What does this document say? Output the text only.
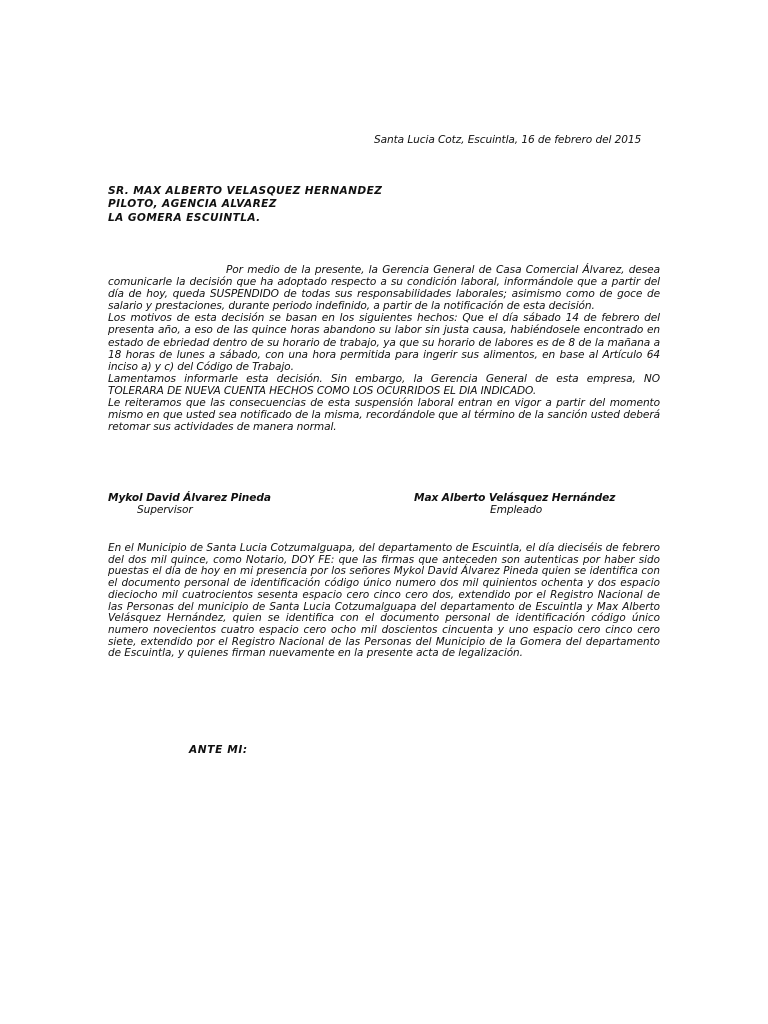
Santa Lucia Cotz, Escuintla, 16 de febrero del 2015
SR. MAX ALBERTO VELASQUEZ HERNANDEZ
PILOTO, AGENCIA ALVAREZ
LA GOMERA ESCUINTLA.

Por medio de la presente, la Gerencia General de Casa Comercial Álvarez, desea comunicarle la decisión que ha adoptado respecto a su condición laboral, informándole que a partir del día de hoy, queda SUSPENDIDO de todas sus responsabilidades laborales; asimismo como de goce de salario y prestaciones, durante periodo indefinido, a partir de la notificación de esta decisión.

Los motivos de esta decisión se basan en los siguientes hechos: Que el día sábado 14 de febrero del presenta año, a eso de las quince horas abandono su labor sin justa causa, habiéndosele encontrado en estado de ebriedad dentro de su horario de trabajo, ya que su horario de labores es de 8 de la mañana a 18 horas de lunes a sábado, con una hora permitida para ingerir sus alimentos, en base al Artículo 64 inciso a) y c) del Código de Trabajo.

Lamentamos informarle esta decisión. Sin embargo, la Gerencia General de esta empresa, NO TOLERARA DE NUEVA CUENTA HECHOS COMO LOS OCURRIDOS EL DIA INDICADO.

Le reiteramos que las consecuencias de esta suspensión laboral entran en vigor a partir del momento mismo en que usted sea notificado de la misma, recordándole que al término de la sanción usted deberá retomar sus actividades de manera normal.

Mykol David Álvarez Pineda
Supervisor
Max Alberto Velásquez Hernández
Empleado

En el Municipio de Santa Lucia Cotzumalguapa, del departamento de Escuintla, el día dieciséis de febrero del dos mil quince, como Notario, DOY FE: que las firmas que anteceden son autenticas por haber sido puestas el día de hoy en mi presencia por los señores Mykol David Álvarez Pineda quien se identifica con el documento personal de identificación código único numero dos mil quinientos ochenta y dos espacio dieciocho mil cuatrocientos sesenta espacio cero cinco cero dos, extendido por el Registro Nacional de las Personas del municipio de Santa Lucia Cotzumalguapa del departamento de Escuintla y Max Alberto Velásquez Hernández, quien se identifica con el documento personal de identificación código único numero novecientos cuatro espacio cero ocho mil doscientos cincuenta y uno espacio cero cinco cero siete, extendido por el Registro Nacional de las Personas del Municipio de la Gomera del departamento de Escuintla, y quienes firman nuevamente en la presente acta de legalización.

ANTE MI:
